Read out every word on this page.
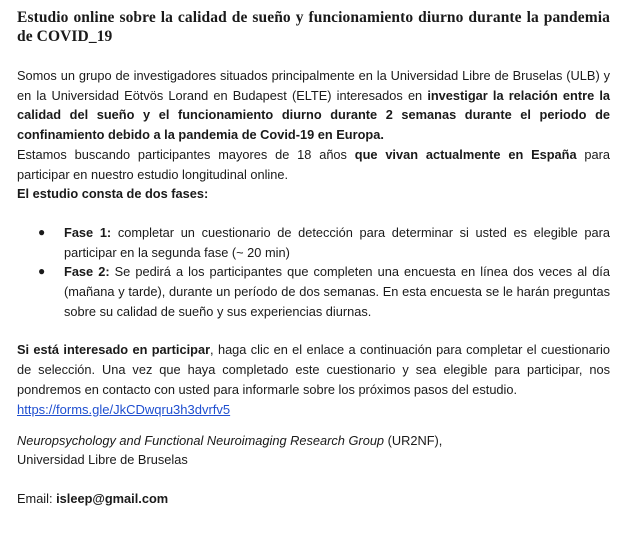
Estudio online sobre la calidad de sueño y funcionamiento diurno durante la pandemia de COVID_19

Somos un grupo de investigadores situados principalmente en la Universidad Libre de Bruselas (ULB) y en la Universidad Eötvös Lorand en Budapest (ELTE) interesados en investigar la relación entre la calidad del sueño y el funcionamiento diurno durante 2 semanas durante el periodo de confinamiento debido a la pandemia de Covid-19 en Europa.

Estamos buscando participantes mayores de 18 años que vivan actualmente en España para participar en nuestro estudio longitudinal online.

El estudio consta de dos fases:

● Fase 1: completar un cuestionario de detección para determinar si usted es elegible para participar en la segunda fase (~ 20 min)
● Fase 2: Se pedirá a los participantes que completen una encuesta en línea dos veces al día (mañana y tarde), durante un período de dos semanas. En esta encuesta se le harán preguntas sobre su calidad de sueño y sus experiencias diurnas.

Si está interesado en participar, haga clic en el enlace a continuación para completar el cuestionario de selección. Una vez que haya completado este cuestionario y sea elegible para participar, nos pondremos en contacto con usted para informarle sobre los próximos pasos del estudio.

https://forms.gle/JkCDwqru3h3dvrfv5

Neuropsychology and Functional Neuroimaging Research Group (UR2NF),
Universidad Libre de Bruselas

Email: isleep@gmail.com
